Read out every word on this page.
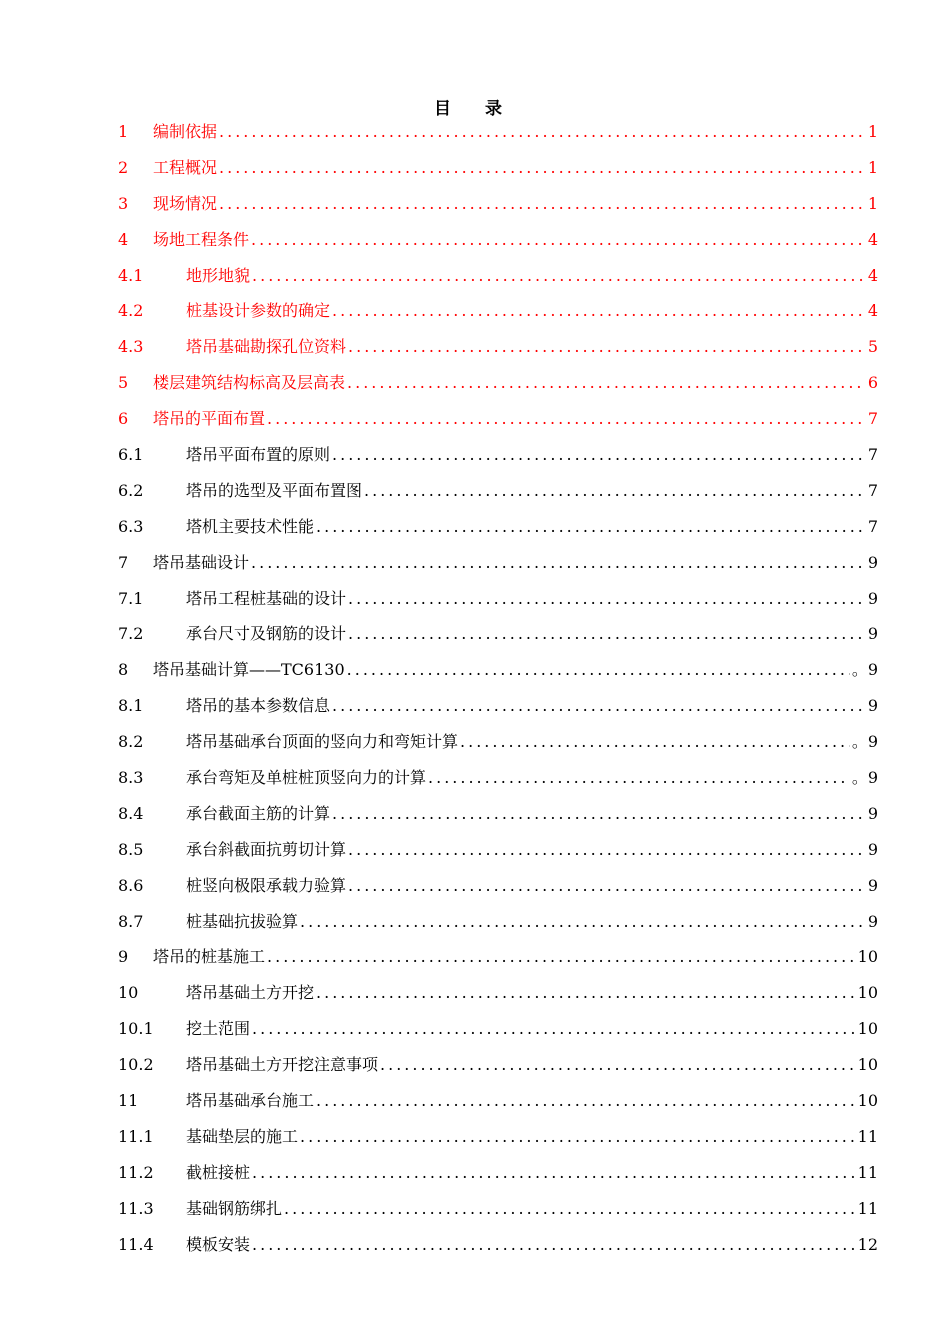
目 录
1	编制依据 .....	1
2	工程概况 .....	1
3	现场情况 .....	1
4	场地工程条件 .....	4
4.1	地形地貌 .....	4
4.2	桩基设计参数的确定 .....	4
4.3	塔吊基础勘探孔位资料 .....	5
5	楼层建筑结构标高及层高表 .....	6
6	塔吊的平面布置 .....	7
6.1	塔吊平面布置的原则 .....	7
6.2	塔吊的选型及平面布置图 .....	7
6.3	塔机主要技术性能 .....	7
7	塔吊基础设计 .....	9
7.1	塔吊工程桩基础的设计 .....	9
7.2	承台尺寸及钢筋的设计 .....	9
8	塔吊基础计算——TC6130 .....	。9
8.1	塔吊的基本参数信息 .....	9
8.2	塔吊基础承台顶面的竖向力和弯矩计算 .....	。9
8.3	承台弯矩及单桩桩顶竖向力的计算 .....	。9
8.4	承台截面主筋的计算 .....	9
8.5	承台斜截面抗剪切计算 .....	9
8.6	桩竖向极限承载力验算 .....	9
8.7	桩基础抗拔验算 .....	9
9	塔吊的桩基施工 .....	10
10	塔吊基础土方开挖 .....	10
10.1	挖土范围 .....	10
10.2	塔吊基础土方开挖注意事项 .....	10
11	塔吊基础承台施工 .....	10
11.1	基础垫层的施工 .....	11
11.2	截桩接桩 .....	11
11.3	基础钢筋绑扎 .....	11
11.4	模板安装 .....	12
